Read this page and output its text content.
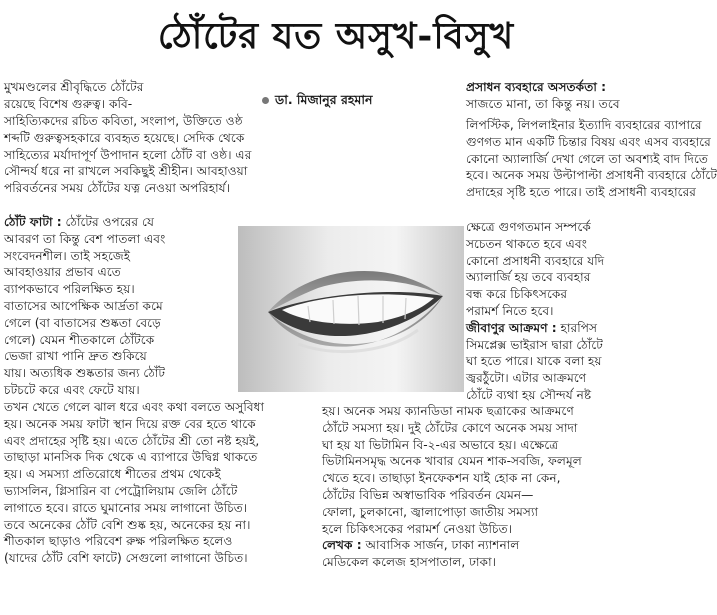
ঠোঁটের যত অসুখ-বিসুখ
ডা. মিজানুর রহমান

মুখমণ্ডলের শ্রীবৃদ্ধিতে ঠোঁটের

রয়েছে বিশেষ গুরুত্ব। কবি-

সাহিত্যিকদের রচিত কবিতা, সংলাপ, উক্তিতে ওষ্ঠ

শব্দটি গুরুত্বসহকারে ব্যবহৃত হয়েছে। সেদিক থেকে

সাহিত্যের মর্যাদাপূর্ণ উপাদান হলো ঠোঁট বা ওষ্ঠ। এর

সৌন্দর্য ধরে না রাখলে সবকিছুই শ্রীহীন। আবহাওয়া

পরিবর্তনের সময় ঠোঁটের যত্ন নেওয়া অপরিহার্য।

ঠোঁট ফাটা : ঠোঁটের ওপরের যে

আবরণ তা কিন্তু বেশ পাতলা এবং

সংবেদনশীল। তাই সহজেই

আবহাওয়ার প্রভাব এতে

ব্যাপকভাবে পরিলক্ষিত হয়।

বাতাসের আপেক্ষিক আর্দ্রতা কমে

গেলে (বা বাতাসের শুষ্কতা বেড়ে

গেলে) যেমন শীতকালে ঠোঁটকে

ভেজা রাখা পানি দ্রুত শুকিয়ে

যায়। অত্যধিক শুষ্কতার জন্য ঠোঁট

চটচটে করে এবং ফেটে যায়।

তখন খেতে গেলে ঝাল ধরে এবং কথা বলতে অসুবিধা

হয়। অনেক সময় ফাটা স্থান দিয়ে রক্ত বের হতে থাকে

এবং প্রদাহের সৃষ্টি হয়। এতে ঠোঁটের শ্রী তো নষ্ট হয়ই,

তাছাড়া মানসিক দিক থেকে এ ব্যাপারে উদ্বিগ্ন থাকতে

হয়। এ সমস্যা প্রতিরোধে শীতের প্রথম থেকেই

ভ্যাসলিন, গ্লিসারিন বা পেট্রোলিয়াম জেলি ঠোঁটে

লাগাতে হবে। রাতে ঘুমানোর সময় লাগানো উচিত।

তবে অনেকের ঠোঁট বেশি শুষ্ক হয়, অনেকের হয় না।

শীতকাল ছাড়াও পরিবেশ রুক্ষ পরিলক্ষিত হলেও

(যাদের ঠোঁট বেশি ফাটে) সেগুলো লাগানো উচিত।

প্রসাধন ব্যবহারে অসতর্কতা :

সাজতে মানা, তা কিন্তু নয়। তবে

লিপস্টিক, লিপলাইনার ইত্যাদি ব্যবহারের ব্যাপারে

গুণগত মান একটি চিন্তার বিষয় এবং এসব ব্যবহারে

কোনো অ্যালার্জি দেখা গেলে তা অবশ্যই বাদ দিতে

হবে। অনেক সময় উল্টাপাল্টা প্রসাধনী ব্যবহারে ঠোঁটে

প্রদাহের সৃষ্টি হতে পারে। তাই প্রসাধনী ব্যবহারের

ক্ষেত্রে গুণগতমান সম্পর্কে

সচেতন থাকতে হবে এবং

কোনো প্রসাধনী ব্যবহারে যদি

অ্যালার্জি হয় তবে ব্যবহার

বন্ধ করে চিকিৎসকের

পরামর্শ নিতে হবে।

জীবাণুর আক্রমণ : হারপিস

সিমপ্লেক্স ভাইরাস দ্বারা ঠোঁটে

ঘা হতে পারে। যাকে বলা হয়

জ্বরঠুঁটো। এটার আক্রমণে

ঠোঁটে ব্যথা হয় সৌন্দর্য নষ্ট

হয়। অনেক সময় ক্যানডিডা নামক ছত্রাকের আক্রমণে

ঠোঁটে সমস্যা হয়। দুই ঠোঁটের কোণে অনেক সময় সাদা

ঘা হয় যা ভিটামিন বি-২-এর অভাবে হয়। এক্ষেত্রে

ভিটামিনসমৃদ্ধ অনেক খাবার যেমন শাক-সবজি, ফলমূল

খেতে হবে। তাছাড়া ইনফেকশন যাই হোক না কেন,

ঠোঁটের বিভিন্ন অস্বাভাবিক পরিবর্তন যেমন—

ফোলা, চুলকানো, জ্বালাপোড়া জাতীয় সমস্যা

হলে চিকিৎসকের পরামর্শ নেওয়া উচিত।

লেখক : আবাসিক সার্জন, ঢাকা ন্যাশনাল

মেডিকেল কলেজ হাসপাতাল, ঢাকা।
